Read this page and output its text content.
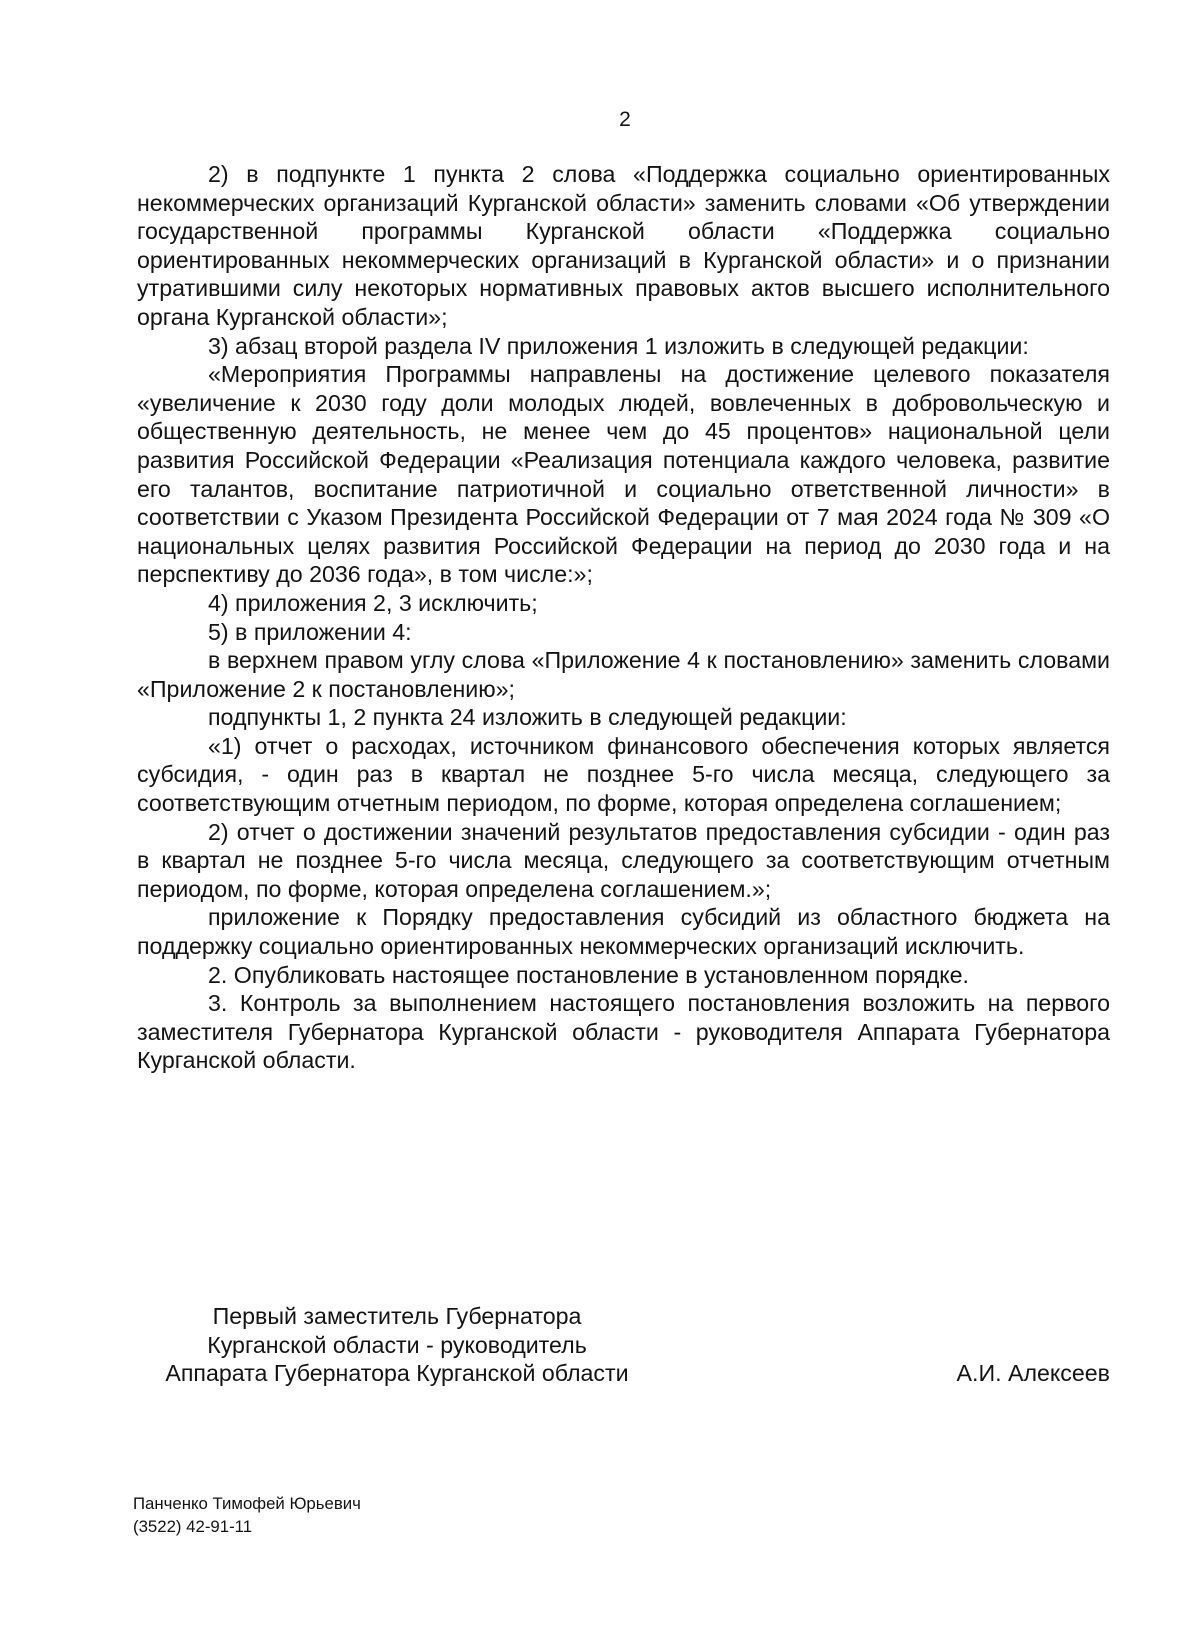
2

2) в подпункте 1 пункта 2 слова «Поддержка социально ориентированных некоммерческих организаций Курганской области» заменить словами «Об утверждении государственной программы Курганской области «Поддержка социально ориентированных некоммерческих организаций в Курганской области» и о признании утратившими силу некоторых нормативных правовых актов высшего исполнительного органа Курганской области»;

3) абзац второй раздела IV приложения 1 изложить в следующей редакции:

«Мероприятия Программы направлены на достижение целевого показателя «увеличение к 2030 году доли молодых людей, вовлеченных в добровольческую и общественную деятельность, не менее чем до 45 процентов» национальной цели развития Российской Федерации «Реализация потенциала каждого человека, развитие его талантов, воспитание патриотичной и социально ответственной личности» в соответствии с Указом Президента Российской Федерации от 7 мая 2024 года № 309 «О национальных целях развития Российской Федерации на период до 2030 года и на перспективу до 2036 года», в том числе:»;

4) приложения 2, 3 исключить;

5) в приложении 4:

в верхнем правом углу слова «Приложение 4 к постановлению» заменить словами «Приложение 2 к постановлению»;

подпункты 1, 2 пункта 24 изложить в следующей редакции:

«1) отчет о расходах, источником финансового обеспечения которых является субсидия, - один раз в квартал не позднее 5-го числа месяца, следующего за соответствующим отчетным периодом, по форме, которая определена соглашением;

2) отчет о достижении значений результатов предоставления субсидии - один раз в квартал не позднее 5-го числа месяца, следующего за соответствующим отчетным периодом, по форме, которая определена соглашением.»;

приложение к Порядку предоставления субсидий из областного бюджета на поддержку социально ориентированных некоммерческих организаций исключить.

2. Опубликовать настоящее постановление в установленном порядке.

3. Контроль за выполнением настоящего постановления возложить на первого заместителя Губернатора Курганской области - руководителя Аппарата Губернатора Курганской области.

Первый заместитель Губернатора
Курганской области - руководитель
Аппарата Губернатора Курганской области	А.И. Алексеев
Панченко Тимофей Юрьевич
(3522) 42-91-11
